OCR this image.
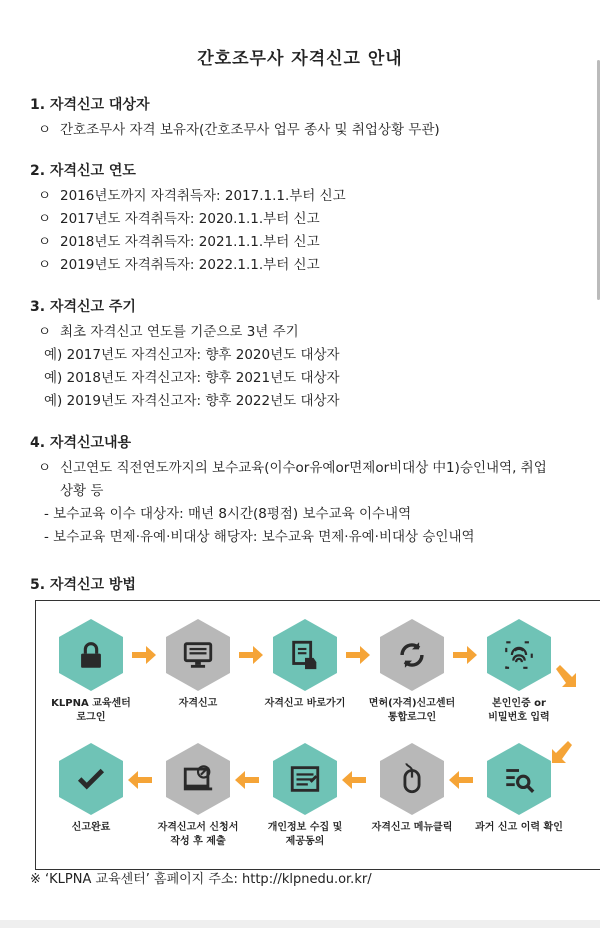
간호조무사 자격신고 안내
1. 자격신고 대상자
ㅇ 간호조무사 자격 보유자(간호조무사 업무 종사 및 취업상황 무관)
2. 자격신고 연도
ㅇ 2016년도까지 자격취득자: 2017.1.1.부터 신고
ㅇ 2017년도 자격취득자: 2020.1.1.부터 신고
ㅇ 2018년도 자격취득자: 2021.1.1.부터 신고
ㅇ 2019년도 자격취득자: 2022.1.1.부터 신고
3. 자격신고 주기
ㅇ 최초 자격신고 연도를 기준으로 3년 주기
예) 2017년도 자격신고자: 향후 2020년도 대상자
예) 2018년도 자격신고자: 향후 2021년도 대상자
예) 2019년도 자격신고자: 향후 2022년도 대상자
4. 자격신고내용
ㅇ 신고연도 직전연도까지의 보수교육(이수or유예or면제or비대상 中1)승인내역, 취업
상황 등
- 보수교육 이수 대상자: 매년 8시간(8평점) 보수교육 이수내역
- 보수교육 면제·유예·비대상 해당자: 보수교육 면제·유예·비대상 승인내역
5. 자격신고 방법
KLPNA 교육센터
로그인
자격신고	자격신고 바로가기	면허(자격)신고센터
통합로그인
본인인증 or
비밀번호 입력
과거 신고 이력 확인
자격신고 메뉴클릭
개인정보 수집 및
제공동의
자격신고서 신청서
작성 후 제출
신고완료
※ ‘KLPNA 교육센터’ 홈페이지 주소: http://klpnedu.or.kr/
